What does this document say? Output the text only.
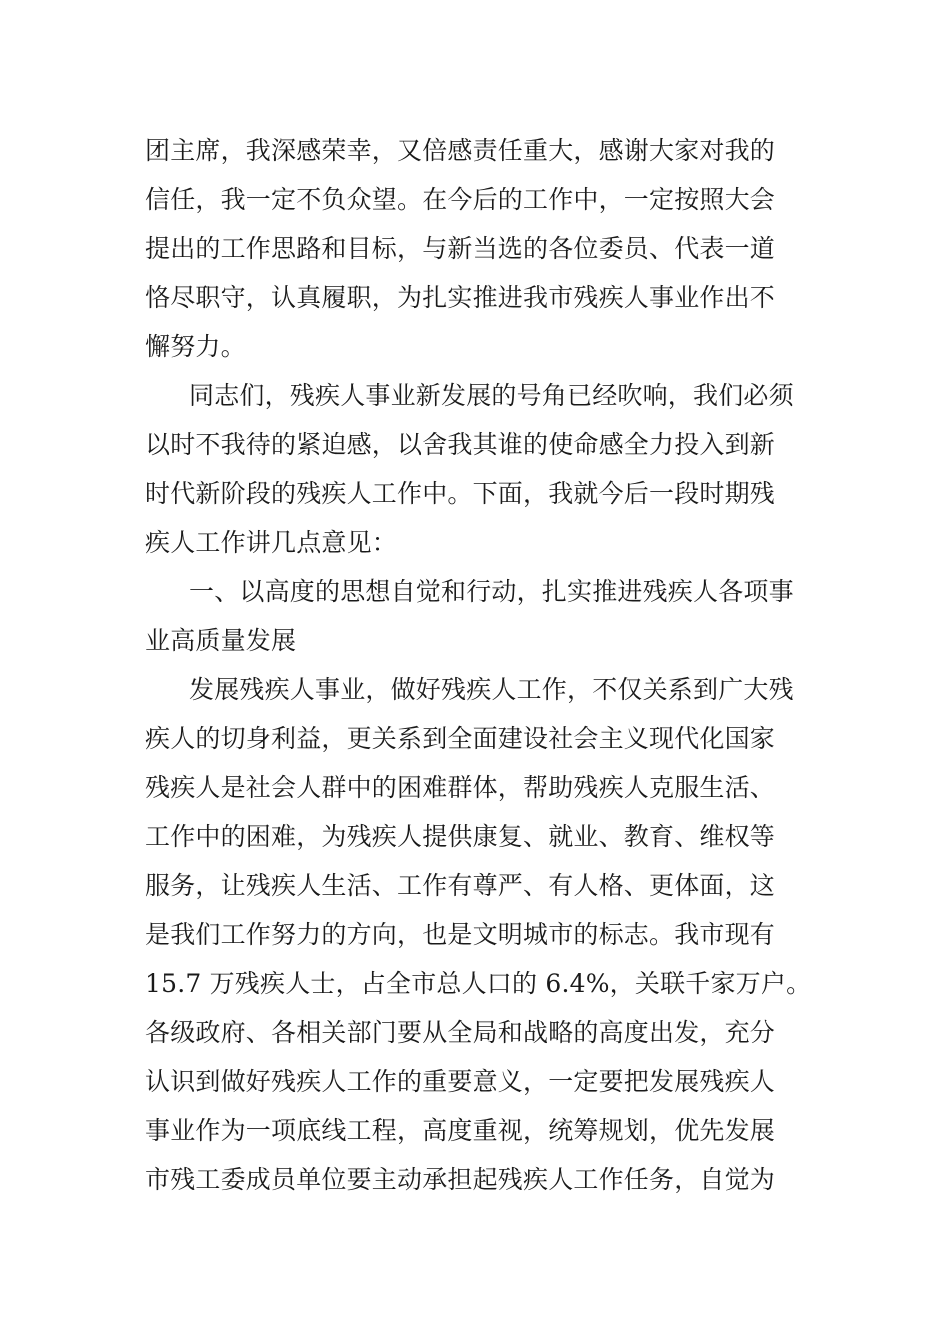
团主席，我深感荣幸，又倍感责任重大，感谢大家对我的
信任，我一定不负众望。在今后的工作中，一定按照大会
提出的工作思路和目标，与新当选的各位委员、代表一道
恪尽职守，认真履职，为扎实推进我市残疾人事业作出不
懈努力。
同志们，残疾人事业新发展的号角已经吹响，我们必须
以时不我待的紧迫感，以舍我其谁的使命感全力投入到新
时代新阶段的残疾人工作中。下面，我就今后一段时期残
疾人工作讲几点意见：
一、以高度的思想自觉和行动，扎实推进残疾人各项事
业高质量发展
发展残疾人事业，做好残疾人工作，不仅关系到广大残
疾人的切身利益，更关系到全面建设社会主义现代化国家
残疾人是社会人群中的困难群体，帮助残疾人克服生活、
工作中的困难，为残疾人提供康复、就业、教育、维权等
服务，让残疾人生活、工作有尊严、有人格、更体面，这
是我们工作努力的方向，也是文明城市的标志。我市现有
15.7 万残疾人士，占全市总人口的 6.4%，关联千家万户。
各级政府、各相关部门要从全局和战略的高度出发，充分
认识到做好残疾人工作的重要意义，一定要把发展残疾人
事业作为一项底线工程，高度重视，统筹规划，优先发展
市残工委成员单位要主动承担起残疾人工作任务，自觉为
